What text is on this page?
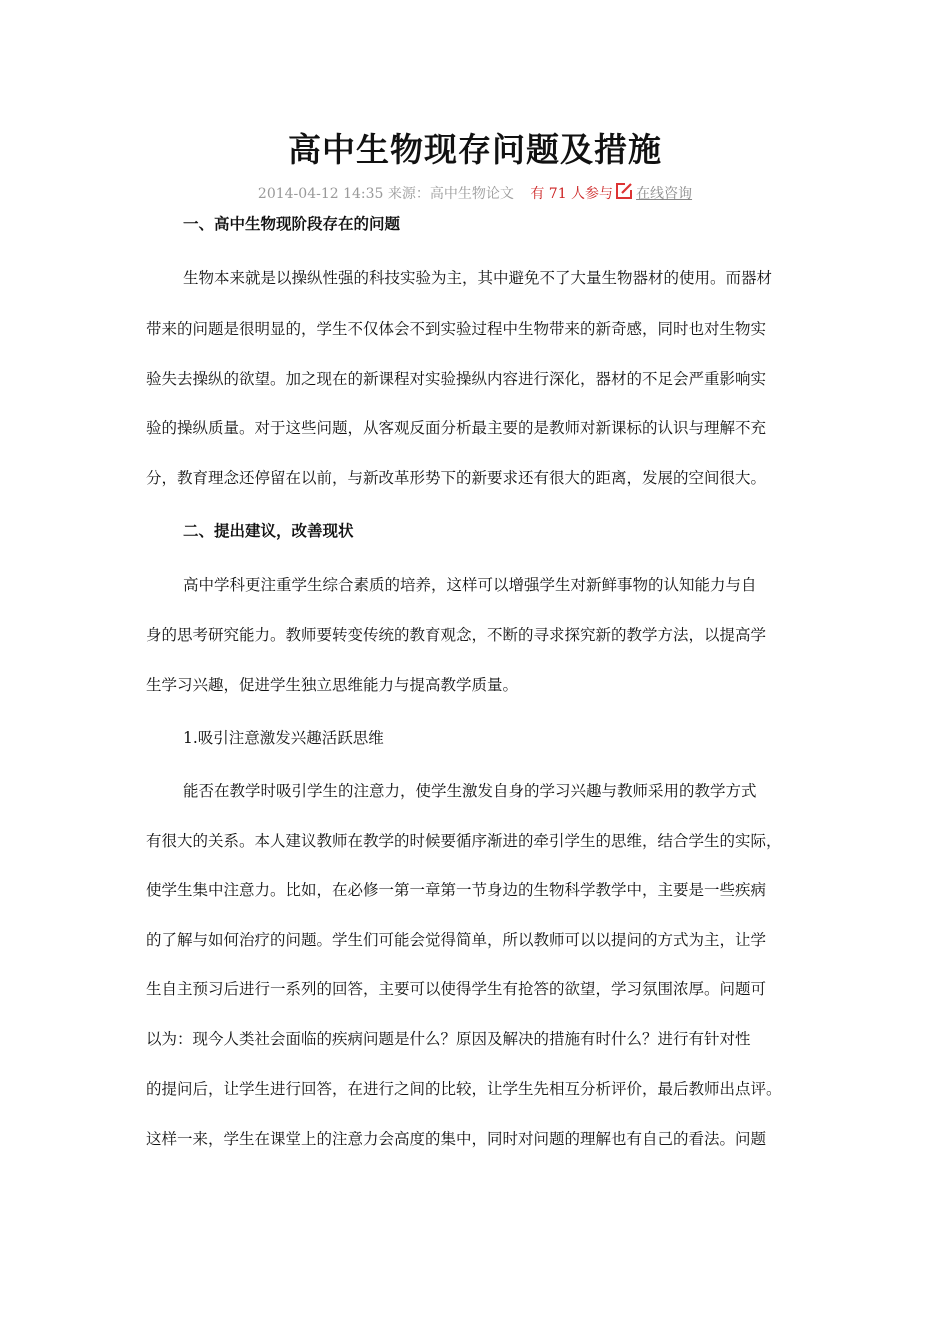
高中生物现存问题及措施
2014-04-12 14:35 来源：高中生物论文 有 71 人参与 在线咨询
一、高中生物现阶段存在的问题
生物本来就是以操纵性强的科技实验为主，其中避免不了大量生物器材的使用。而器材
带来的问题是很明显的，学生不仅体会不到实验过程中生物带来的新奇感，同时也对生物实
验失去操纵的欲望。加之现在的新课程对实验操纵内容进行深化，器材的不足会严重影响实
验的操纵质量。对于这些问题，从客观反面分析最主要的是教师对新课标的认识与理解不充
分，教育理念还停留在以前，与新改革形势下的新要求还有很大的距离，发展的空间很大。
二、提出建议，改善现状
高中学科更注重学生综合素质的培养，这样可以增强学生对新鲜事物的认知能力与自
身的思考研究能力。教师要转变传统的教育观念，不断的寻求探究新的教学方法，以提高学
生学习兴趣，促进学生独立思维能力与提高教学质量。
1.吸引注意激发兴趣活跃思维
能否在教学时吸引学生的注意力，使学生激发自身的学习兴趣与教师采用的教学方式
有很大的关系。本人建议教师在教学的时候要循序渐进的牵引学生的思维，结合学生的实际，
使学生集中注意力。比如，在必修一第一章第一节身边的生物科学教学中，主要是一些疾病
的了解与如何治疗的问题。学生们可能会觉得简单，所以教师可以以提问的方式为主，让学
生自主预习后进行一系列的回答，主要可以使得学生有抢答的欲望，学习氛围浓厚。问题可
以为：现今人类社会面临的疾病问题是什么？原因及解决的措施有时什么？进行有针对性
的提问后，让学生进行回答，在进行之间的比较，让学生先相互分析评价，最后教师出点评。
这样一来，学生在课堂上的注意力会高度的集中，同时对问题的理解也有自己的看法。问题
